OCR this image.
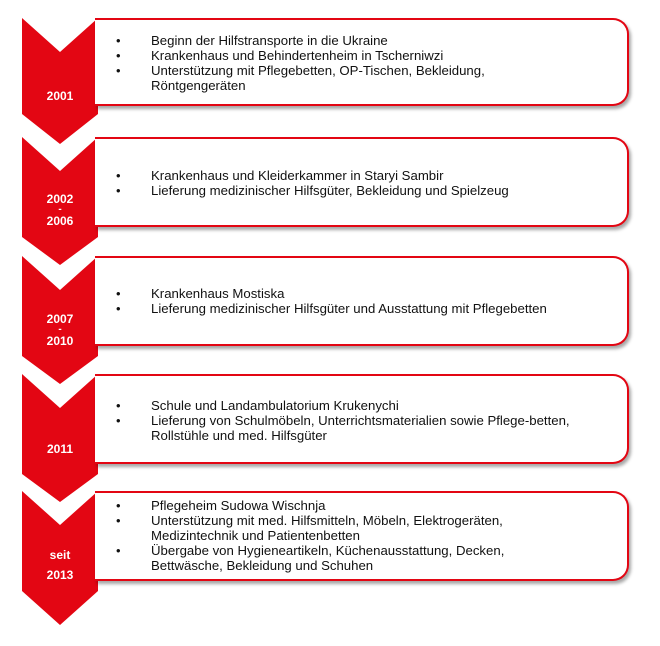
2001
• Beginn der Hilfstransporte in die Ukraine
• Krankenhaus und Behindertenheim in Tscherniwzi
• Unterstützung mit Pflegebetten, OP-Tischen, Bekleidung, Röntgengeräten
2002
-
2006
• Krankenhaus und Kleiderkammer in Staryi Sambir
• Lieferung medizinischer Hilfsgüter, Bekleidung und Spielzeug
2007
-
2010
• Krankenhaus Mostiska
• Lieferung medizinischer Hilfsgüter und Ausstattung mit Pflegebetten
2011
• Schule und Landambulatorium Krukenychi
• Lieferung von Schulmöbeln, Unterrichtsmaterialien sowie Pflege-betten, Rollstühle und med. Hilfsgüter
seit
2013
• Pflegeheim Sudowa Wischnja
• Unterstützung mit med. Hilfsmitteln, Möbeln, Elektrogeräten, Medizintechnik und Patientenbetten
• Übergabe von Hygieneartikeln, Küchenausstattung, Decken, Bettwäsche, Bekleidung und Schuhen
